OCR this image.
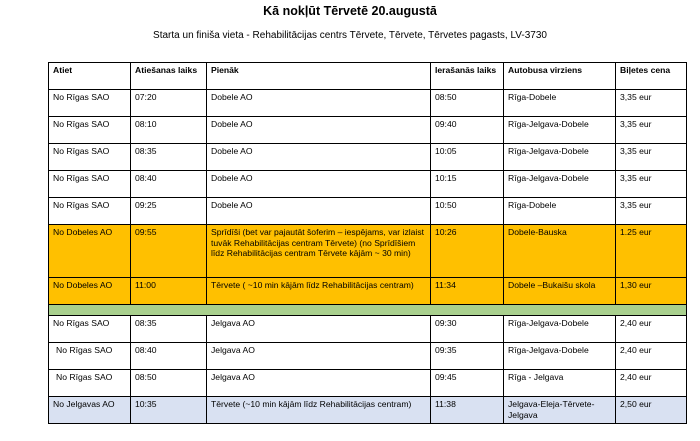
Kā nokļūt Tērvetē 20.augustā
Starta un finiša vieta - Rehabilitācijas centrs Tērvete, Tērvete, Tērvetes pagasts, LV-3730
Atiet	Atiešanas laiks	Pienāk	Ierašanās laiks	Autobusa virziens	Biļetes cena
No Rīgas SAO	07:20	Dobele AO	08:50	Rīga-Dobele	3,35 eur
No Rīgas SAO	08:10	Dobele AO	09:40	Rīga-Jelgava-Dobele	3,35 eur
No Rīgas SAO	08:35	Dobele AO	10:05	Rīga-Jelgava-Dobele	3,35 eur
No Rīgas SAO	08:40	Dobele AO	10:15	Rīga-Jelgava-Dobele	3,35 eur
No Rīgas SAO	09:25	Dobele AO	10:50	Rīga-Dobele	3,35 eur
No Dobeles AO	09:55	Sprīdīši (bet var pajautāt šoferim – iespējams, var izlaist tuvāk Rehabilitācijas centram Tērvete) (no Sprīdīšiem līdz Rehabilitācijas centram Tērvete kājām ~ 30 min)	10:26	Dobele-Bauska	1.25 eur
No Dobeles AO	11:00	Tērvete ( ~10 min kājām līdz Rehabilitācijas centram)	11:34	Dobele –Bukaišu skola	1,30 eur

No Rīgas SAO	08:35	Jelgava AO	09:30	Rīga-Jelgava-Dobele	2,40 eur
No Rīgas SAO	08:40	Jelgava AO	09:35	Rīga-Jelgava-Dobele	2,40 eur
No Rīgas SAO	08:50	Jelgava AO	09:45	Rīga - Jelgava	2,40 eur
No Jelgavas AO	10:35	Tērvete (~10 min kājām līdz Rehabilitācijas centram)	11:38	Jelgava-Eleja-Tērvete-Jelgava	2,50 eur
